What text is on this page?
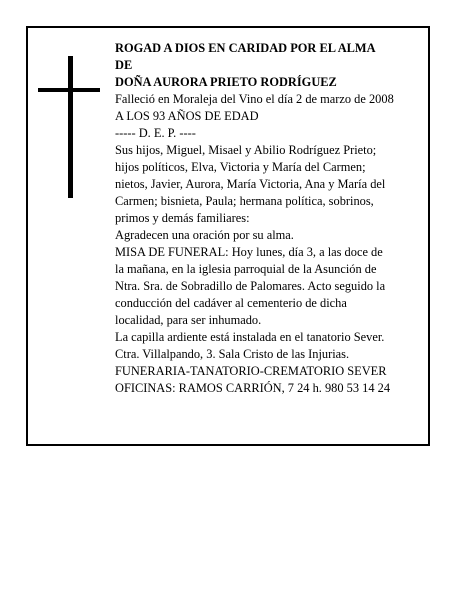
ROGAD A DIOS EN CARIDAD POR EL ALMA
DE
DOÑA AURORA PRIETO RODRÍGUEZ
Falleció en Moraleja del Vino el día 2 de marzo de 2008
A LOS 93 AÑOS DE EDAD
----- D. E. P. ----
Sus hijos, Miguel, Misael y Abilio Rodríguez Prieto;
hijos políticos, Elva, Victoria y María del Carmen;
nietos, Javier, Aurora, María Victoria, Ana y María del
Carmen; bisnieta, Paula; hermana política, sobrinos,
primos y demás familiares:
Agradecen una oración por su alma.
MISA DE FUNERAL: Hoy lunes, día 3, a las doce de
la mañana, en la iglesia parroquial de la Asunción de
Ntra. Sra. de Sobradillo de Palomares. Acto seguido la
conducción del cadáver al cementerio de dicha
localidad, para ser inhumado.
La capilla ardiente está instalada en el tanatorio Sever.
Ctra. Villalpando, 3. Sala Cristo de las Injurias.
FUNERARIA-TANATORIO-CREMATORIO SEVER
OFICINAS: RAMOS CARRIÓN, 7 24 h. 980 53 14 24
